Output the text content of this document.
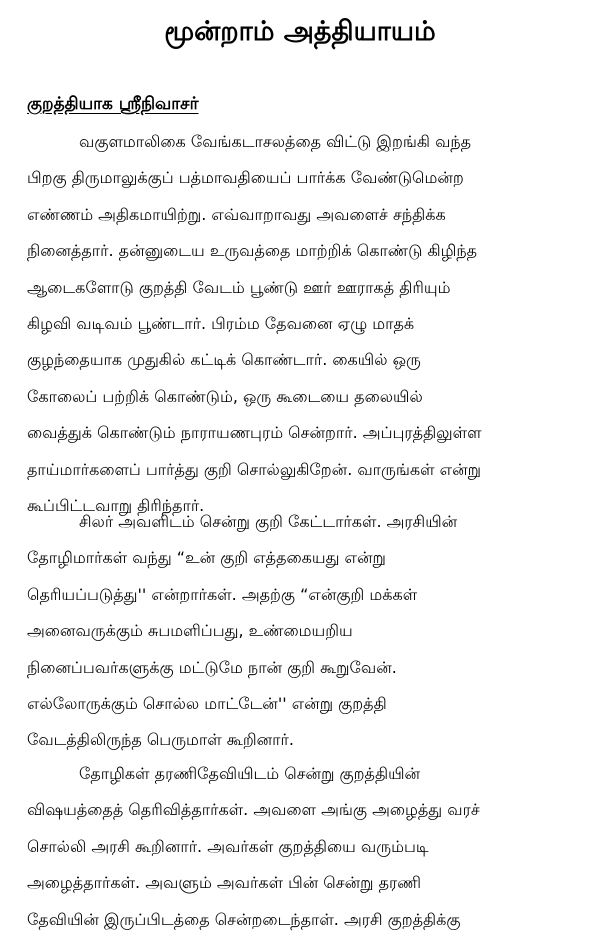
மூன்றாம் அத்தியாயம்
குறத்தியாக ஸ்ரீநிவாசர்
வகுளமாலிகை வேங்கடாசலத்தை விட்டு இறங்கி வந்த
பிறகு திருமாலுக்குப் பத்மாவதியைப் பார்க்க வேண்டுமென்ற
எண்ணம் அதிகமாயிற்று. எவ்வாறாவது அவளைச் சந்திக்க
நினைத்தார். தன்னுடைய உருவத்தை மாற்றிக் கொண்டு கிழிந்த
ஆடைகளோடு குறத்தி வேடம் பூண்டு ஊர் ஊராகத் திரியும்
கிழவி வடிவம் பூண்டார். பிரம்ம தேவனை ஏழு மாதக்
குழந்தையாக முதுகில் கட்டிக் கொண்டார். கையில் ஒரு
கோலைப் பற்றிக் கொண்டும், ஒரு கூடையை தலையில்
வைத்துக் கொண்டும் நாராயணபுரம் சென்றார். அப்புரத்திலுள்ள
தாய்மார்களைப் பார்த்து குறி சொல்லுகிறேன். வாருங்கள் என்று
கூப்பிட்டவாறு திரிந்தார்.
சிலர் அவளிடம் சென்று குறி கேட்டார்கள். அரசியின்
தோழிமார்கள் வந்து “உன் குறி எத்தகையது என்று
தெரியப்படுத்து'' என்றார்கள். அதற்கு “என்குறி மக்கள்
அனைவருக்கும் சுபமளிப்பது, உண்மையறிய
நினைப்பவர்களுக்கு மட்டுமே நான் குறி கூறுவேன்.
எல்லோருக்கும் சொல்ல மாட்டேன்'' என்று குறத்தி
வேடத்திலிருந்த பெருமாள் கூறினார்.
தோழிகள் தரணிதேவியிடம் சென்று குறத்தியின்
விஷயத்தைத் தெரிவித்தார்கள். அவளை அங்கு அழைத்து வரச்
சொல்லி அரசி கூறினார். அவர்கள் குறத்தியை வரும்படி
அழைத்தார்கள். அவளும் அவர்கள் பின் சென்று தரணி
தேவியின் இருப்பிடத்தை சென்றடைந்தாள். அரசி குறத்திக்கு
